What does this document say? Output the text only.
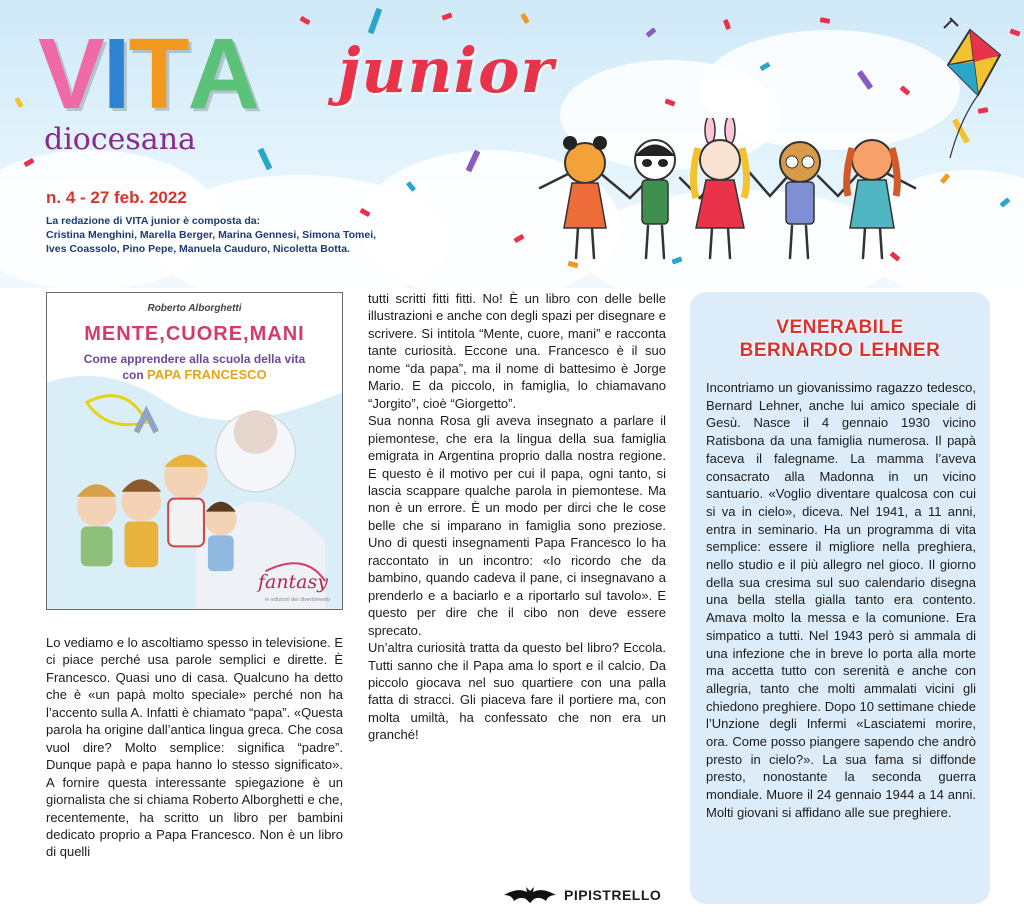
V I T A junior
diocesana
n. 4 - 27 feb. 2022
La redazione di VITA junior è composta da:
Cristina Menghini, Marella Berger, Marina Gennesi, Simona Tomei,
Ives Coassolo, Pino Pepe, Manuela Cauduro, Nicoletta Botta.
Roberto Alborghetti
MENTE,CUORE,MANI
Come apprendere alla scuola della vita
con PAPA FRANCESCO
fantasy
le edizioni del divertimento

Lo vediamo e lo ascoltiamo spesso in televisione. E ci piace perché usa parole semplici e dirette. È Francesco. Quasi uno di casa. Qualcuno ha detto che è «un papà molto speciale» perché non ha l’accento sulla A. Infatti è chiamato “papa”. «Questa parola ha origine dall’antica lingua greca. Che cosa vuol dire? Molto semplice: significa “padre”. Dunque papà e papa hanno lo stesso significato». A fornire questa interessante spiegazione è un giornalista che si chiama Roberto Alborghetti e che, recentemente, ha scritto un libro per bambini dedicato proprio a Papa Francesco. Non è un libro di quelli

tutti scritti fitti fitti. No! È un libro con delle belle illustrazioni e anche con degli spazi per disegnare e scrivere. Si intitola “Mente, cuore, mani” e racconta tante curiosità. Eccone una. Francesco è il suo nome “da papa”, ma il nome di battesimo è Jorge Mario. E da piccolo, in famiglia, lo chiamavano “Jorgito”, cioè “Giorgetto”.

Sua nonna Rosa gli aveva insegnato a parlare il piemontese, che era la lingua della sua famiglia emigrata in Argentina proprio dalla nostra regione. E questo è il motivo per cui il papa, ogni tanto, si lascia scappare qualche parola in piemontese. Ma non è un errore. È un modo per dirci che le cose belle che si imparano in famiglia sono preziose. Uno di questi insegnamenti Papa Francesco lo ha raccontato in un incontro: «Io ricordo che da bambino, quando cadeva il pane, ci insegnavano a prenderlo e a baciarlo e a riportarlo sul tavolo». E questo per dire che il cibo non deve essere sprecato.

Un’altra curiosità tratta da questo bel libro? Eccola. Tutti sanno che il Papa ama lo sport e il calcio. Da piccolo giocava nel suo quartiere con una palla fatta di stracci. Gli piaceva fare il portiere ma, con molta umiltà, ha confessato che non era un granché!

PIPISTRELLO
VENERABILE
BERNARDO LEHNER

Incontriamo un giovanissimo ragazzo tedesco, Bernard Lehner, anche lui amico speciale di Gesù. Nasce il 4 gennaio 1930 vicino Ratisbona da una famiglia numerosa. Il papà faceva il falegname. La mamma l’aveva consacrato alla Madonna in un vicino santuario. «Voglio diventare qualcosa con cui si va in cielo», diceva. Nel 1941, a 11 anni, entra in seminario. Ha un programma di vita semplice: essere il migliore nella preghiera, nello studio e il più allegro nel gioco. Il giorno della sua cresima sul suo calendario disegna una bella stella gialla tanto era contento. Amava molto la messa e la comunione. Era simpatico a tutti. Nel 1943 però si ammala di una infezione che in breve lo porta alla morte ma accetta tutto con serenità e anche con allegria, tanto che molti ammalati vicini gli chiedono preghiere. Dopo 10 settimane chiede l’Unzione degli Infermi «Lasciatemi morire, ora. Come posso piangere sapendo che andrò presto in cielo?». La sua fama si diffonde presto, nonostante la seconda guerra mondiale. Muore il 24 gennaio 1944 a 14 anni. Molti giovani si affidano alle sue preghiere.
